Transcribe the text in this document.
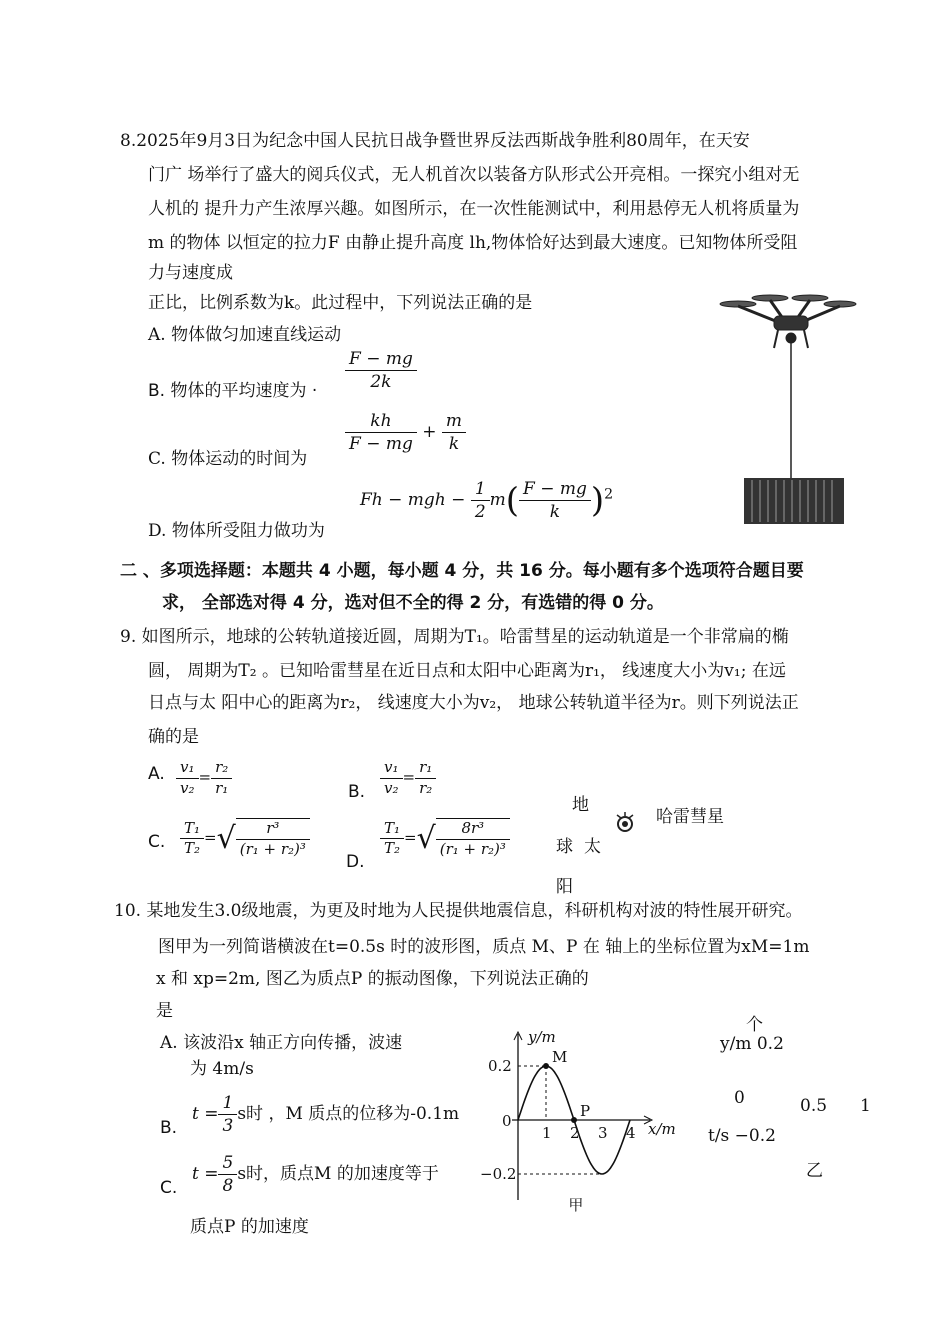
8.2025年9月3日为纪念中国人民抗日战争暨世界反法西斯战争胜利80周年，在天安
门广 场举行了盛大的阅兵仪式，无人机首次以装备方队形式公开亮相。一探究小组对无
人机的 提升力产生浓厚兴趣。如图所示，在一次性能测试中，利用悬停无人机将质量为
m 的物体 以恒定的拉力F 由静止提升高度 lh,物体恰好达到最大速度。已知物体所受阻
力与速度成
正比，比例系数为k。此过程中，下列说法正确的是
A. 物体做匀加速直线运动
B. 物体的平均速度为 · $\frac{F - mg}{2k}$
C. 物体运动的时间为
$\frac{kh}{F - mg} + \frac{m}{k}$
D. 物体所受阻力做功为
Fh − mgh − $\frac{1}{2} m( \frac{F - mg}{k} )^2$
二 、多项选择题：本题共 4 小题，每小题 4 分，共 16 分。每小题有多个选项符合题目要
求， 全部选对得 4 分，选对但不全的得 2 分，有选错的得 0 分。
9. 如图所示，地球的公转轨道接近圆，周期为T₁。哈雷彗星的运动轨道是一个非常扁的椭
圆， 周期为T₂ 。已知哈雷彗星在近日点和太阳中心距离为r₁， 线速度大小为v₁; 在远
日点与太 阳中心的距离为r₂， 线速度大小为v₂， 地球公转轨道半径为r。则下列说法正
确的是
A. $\frac{\text{v₁}}{\text{v₂}} = \frac{\text{r₂}}{\text{r₁}}$	B. $\frac{\text{v₁}}{\text{v₂}} = \frac{\text{r₁}}{\text{r₂}}$
C. $\frac{\text{T₁}}{\text{T₂}}$ =√ $\frac{\text{r³}}{\text{(r₁ + r₂)³}}$
D.
$\frac{\text{T₁}}{\text{T₂}}$ =√ $\frac{\text{8r³}}{\text{(r₁ + r₂)³}}$
地
球 太
阳
哈雷彗星
10. 某地发生3.0级地震，为更及时地为人民提供地震信息，科研机构对波的特性展开研究。
图甲为一列简谐横波在t=0.5s 时的波形图，质点 M、P 在 轴上的坐标位置为xM=1m
x 和 xp=2m, 图乙为质点P 的振动图像，下列说法正确的
是
A. 该波沿x 轴正方向传播，波速
为 4m/s
B.
$t = \frac{1}{3}$ s时 ，M 质点的位移为-0.1m
C.
$t = \frac{5}{8}$ s时，质点M 的加速度等于
质点P 的加速度
y/m
x/m
0
0.2
−0.2
1 2 3 4
M
P
甲
个
y/m 0.2
0	0.5 1
t/s −0.2
乙
